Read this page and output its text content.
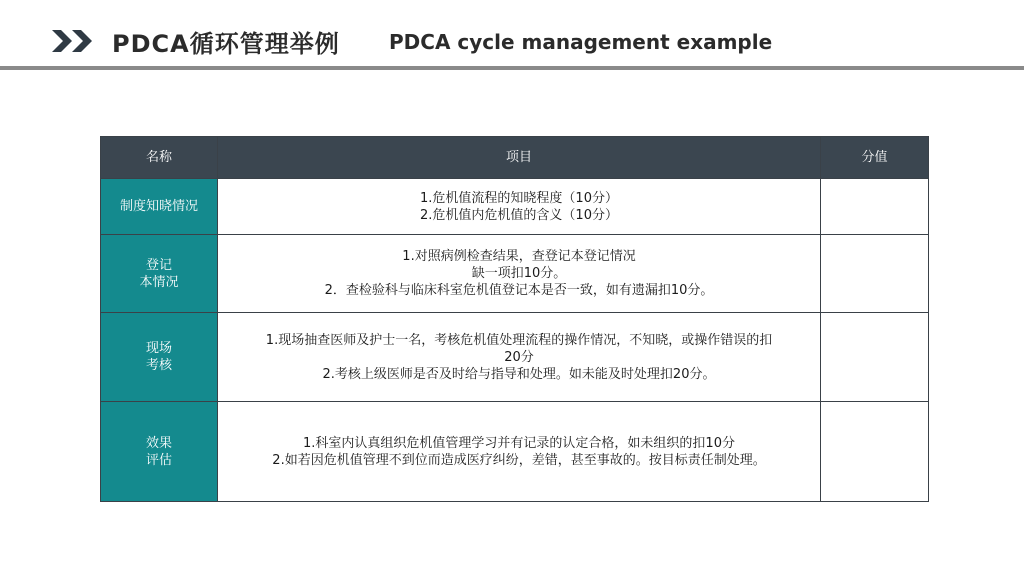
PDCA循环管理举例 PDCA cycle management example
名称	项目	分值

制度知晓情况	1.危机值流程的知晓程度（10分）
2.危机值内危机值的含义（10分）	

登记
本情况	1.对照病例检查结果，查登记本登记情况
缺一项扣10分。
2．查检验科与临床科室危机值登记本是否一致，如有遗漏扣10分。	

现场
考核	1.现场抽查医师及护士一名，考核危机值处理流程的操作情况，不知晓，或操作错误的扣
20分
2.考核上级医师是否及时给与指导和处理。如未能及时处理扣20分。	

效果
评估	1.科室内认真组织危机值管理学习并有记录的认定合格，如未组织的扣10分
2.如若因危机值管理不到位而造成医疗纠纷，差错，甚至事故的。按目标责任制处理。	
